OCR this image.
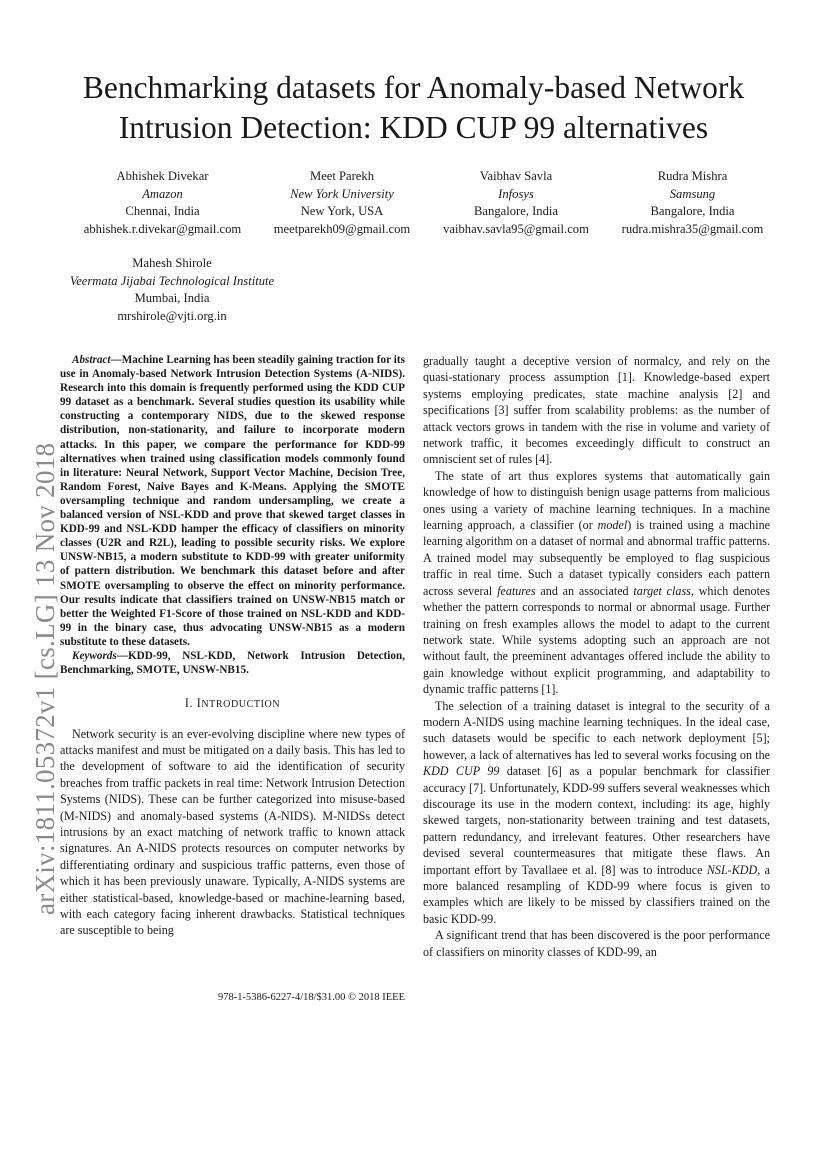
Benchmarking datasets for Anomaly-based Network Intrusion Detection: KDD CUP 99 alternatives
Abhishek Divekar
Amazon
Chennai, India
abhishek.r.divekar@gmail.com
Meet Parekh
New York University
New York, USA
meetparekh09@gmail.com
Vaibhav Savla
Infosys
Bangalore, India
vaibhav.savla95@gmail.com
Rudra Mishra
Samsung
Bangalore, India
rudra.mishra35@gmail.com
Mahesh Shirole
Veermata Jijabai Technological Institute
Mumbai, India
mrshirole@vjti.org.in
arXiv:1811.05372v1 [cs.LG] 13 Nov 2018

Abstract—Machine Learning has been steadily gaining traction for its use in Anomaly-based Network Intrusion Detection Systems (A-NIDS). Research into this domain is frequently performed using the KDD CUP 99 dataset as a benchmark. Several studies question its usability while constructing a contemporary NIDS, due to the skewed response distribution, non-stationarity, and failure to incorporate modern attacks. In this paper, we compare the performance for KDD-99 alternatives when trained using classification models commonly found in literature: Neural Network, Support Vector Machine, Decision Tree, Random Forest, Naive Bayes and K-Means. Applying the SMOTE oversampling technique and random undersampling, we create a balanced version of NSL-KDD and prove that skewed target classes in KDD-99 and NSL-KDD hamper the efficacy of classifiers on minority classes (U2R and R2L), leading to possible security risks. We explore UNSW-NB15, a modern substitute to KDD-99 with greater uniformity of pattern distribution. We benchmark this dataset before and after SMOTE oversampling to observe the effect on minority performance. Our results indicate that classifiers trained on UNSW-NB15 match or better the Weighted F1-Score of those trained on NSL-KDD and KDD-99 in the binary case, thus advocating UNSW-NB15 as a modern substitute to these datasets.

Keywords—KDD-99, NSL-KDD, Network Intrusion Detection, Benchmarking, SMOTE, UNSW-NB15.

I. INTRODUCTION

Network security is an ever-evolving discipline where new types of attacks manifest and must be mitigated on a daily basis. This has led to the development of software to aid the identification of security breaches from traffic packets in real time: Network Intrusion Detection Systems (NIDS). These can be further categorized into misuse-based (M-NIDS) and anomaly-based systems (A-NIDS). M-NIDSs detect intrusions by an exact matching of network traffic to known attack signatures. An A-NIDS protects resources on computer networks by differentiating ordinary and suspicious traffic patterns, even those of which it has been previously unaware. Typically, A-NIDS systems are either statistical-based, knowledge-based or machine-learning based, with each category facing inherent drawbacks. Statistical techniques are susceptible to being

978-1-5386-6227-4/18/$31.00 © 2018 IEEE

gradually taught a deceptive version of normalcy, and rely on the quasi-stationary process assumption [1]. Knowledge-based expert systems employing predicates, state machine analysis [2] and specifications [3] suffer from scalability problems: as the number of attack vectors grows in tandem with the rise in volume and variety of network traffic, it becomes exceedingly difficult to construct an omniscient set of rules [4].

The state of art thus explores systems that automatically gain knowledge of how to distinguish benign usage patterns from malicious ones using a variety of machine learning techniques. In a machine learning approach, a classifier (or model) is trained using a machine learning algorithm on a dataset of normal and abnormal traffic patterns. A trained model may subsequently be employed to flag suspicious traffic in real time. Such a dataset typically considers each pattern across several features and an associated target class, which denotes whether the pattern corresponds to normal or abnormal usage. Further training on fresh examples allows the model to adapt to the current network state. While systems adopting such an approach are not without fault, the preeminent advantages offered include the ability to gain knowledge without explicit programming, and adaptability to dynamic traffic patterns [1].

The selection of a training dataset is integral to the security of a modern A-NIDS using machine learning techniques. In the ideal case, such datasets would be specific to each network deployment [5]; however, a lack of alternatives has led to several works focusing on the KDD CUP 99 dataset [6] as a popular benchmark for classifier accuracy [7]. Unfortunately, KDD-99 suffers several weaknesses which discourage its use in the modern context, including: its age, highly skewed targets, non-stationarity between training and test datasets, pattern redundancy, and irrelevant features. Other researchers have devised several countermeasures that mitigate these flaws. An important effort by Tavallaee et al. [8] was to introduce NSL-KDD, a more balanced resampling of KDD-99 where focus is given to examples which are likely to be missed by classifiers trained on the basic KDD-99.

A significant trend that has been discovered is the poor performance of classifiers on minority classes of KDD-99, an
